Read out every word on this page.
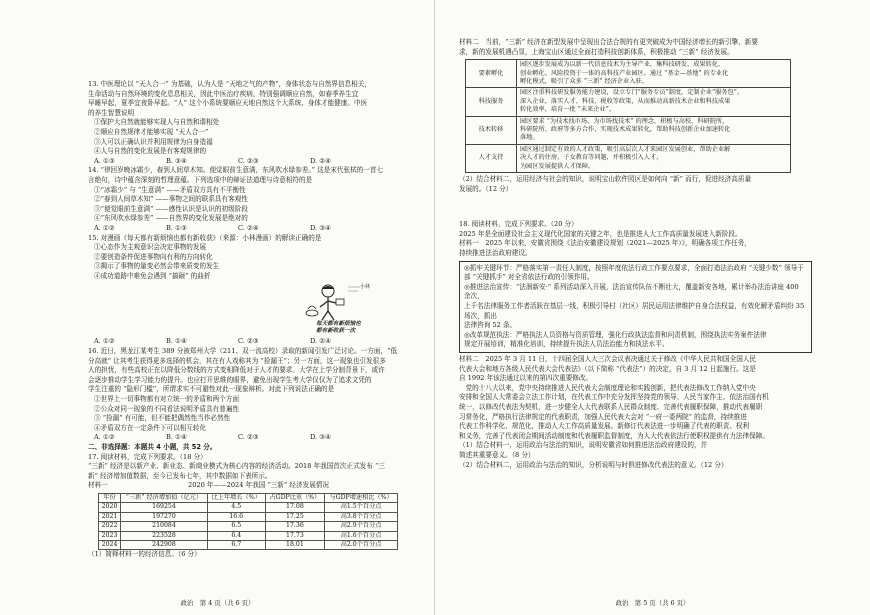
13. 中医理论以 “天人合一” 为基础，认为人是 “天地之气的产物”，身体状态与自然界信息相关，

生命活动与自然环境的变化息息相关，因此中医治疗疾病，特别强调顺应自然，如春季养生宜

早睡早起，夏季宜夜卧早起。“人” 这个小系统要顺应天地自然这个大系统、身体才能健康。中医

的养生智慧说明

①保护大自然就能够实现人与自然和谐相处

②顺应自然规律才能够实现 “天人合一”

③人可以正确认识并利用规律为自身造福

④人与自然的变化发展是有客观规律的

A. ①③	B. ③④	C. ②③	D. ②④

14. “律回岁晚冰霜少，春到人间草木知。便觉眼前生意满，东风吹水绿参差。” 这是宋代张栻的一首七

言绝句，诗中蕴含深刻的哲理意蕴。下列选项中的辩证法道理与诗意相符的是

①“冰霜少” 与 “生意满” ——矛盾双方具有不平衡性

②“春到人间草木知” ——事物之间的联系具有客观性

③“便觉眼前生意满” ——感性认识是认识的初级阶段

④“东风吹水绿参差” ——自然界的变化发展是绝对的

A. ①②	B. ①③	C. ②④	D. ③④

15. 对漫画《每天都有新烦恼也都有新收获》（来源：小林漫画）的解读正确的是

①心态作为主观意识会决定事物的发展

②要创造条件促进事物向有利的方向转化

③揭示了事物的量变必然会带来质变的发生

④成功道路中难免会遇到 “搞砸” 的曲折

小林

每天都有新烦恼也

都有新收获一次

A. ①②	B. ①④	C. ②③	D. ②④

16. 近日，黑龙江某考生 389 分被郑州大学（211、双一流高校）录取的新闻引发广泛讨论。一方面，“低

分高就” 让其考生获得更多选择的机会，其在有人戏称其为 “捡漏王”；另一方面，这一现象也引发很多

人的担忧，有些高校正在以降低分数线的方式变相降低对于人才的要求。大学在上学分制背景下，或许

会逐步推动学生学习能力的提升。也应打开思维的眼界，避免出现学生考大学仅仅为了追求文凭的

学生注重的 “隐形门槛”，所谓求实不可避性对此一现象辩析。对此下列说法正确的是

①世界上一切事物都有对立统一的矛盾和两个方面

②公众对同一现象的不同看法说明矛盾具有普遍性

③ “捡漏” 有可能，但不能把偶然性当作必然性

④矛盾双方在一定条件下可以相互转化

A. ①②	B. ①④	C. ②③	D. ③④

二、非选择题：本题共 4 小题，共 52 分。

17. 阅读材料，完成下列要求。（18 分）

“三新” 经济是以新产业、新业态、新商业模式为核心内容的经济活动。2018 年我国首次正式发布 “三

新” 经济增加值数据，至今已发布七年，其中数据如下表所示。

材料一	2020 年——2024 年我国 “三新” 经济发展情况
年份	“三新” 经济增加值（亿元）	比上年增长（%）	占GDP比重（%）	与GDP增速相比（%）
2020	169254	4.5	17.08	高1.5个百分点
2021	197270	16.6	17.25	高3.8个百分点
2022	210084	6.5	17.36	高2.9个百分点
2023	223528	6.4	17.73	高1.6个百分点
2024	242908	6.7	18.01	高2.0个百分点

（1）简释材料一的经济信息。（6 分）

政治　第 4 页（共 6 页）

材料二　当前，“三新” 经济在新型发展中呈现出合法合规的有更突破成为中国经济增长的新引擎，新要

求，新的发展机遇凸显，上海宝山区通过全面打造科技创新体系，积极推动 “三新” 经济发展。

要素孵化	园区逐步发展成为以新一代信息技术为主导产业，集科技研发、成果转化、

创业孵化、风险投资于一体的高科技产业园区。通过 “基金—基地” 的专业化

孵化模式，吸引了众多 “三新” 经济企业入驻。

科技服务	园区注重科技研发服务能力建设，设立专门“服务专员”制度，定制企业“服务包”。

深入企业，落实人才、科技、税收等政策，从而推动高新技术企业和科技成果

转化效率，培育一批 “未来企业”。

技术转移	园区要求 “为技术找市场、为市场找技术” 的理念，积极与高校、科研院所、

科研院所、政府等多方合作，实现技术成果转化，帮助科技创新企业加速转化

落地。

人才支持	园区通过制定有效的人才政策，吸引高层次人才来园区发展创业，帮助企业解

决人才的住房、子女教育等问题，并积极引入人才，

为园区发展提供人才保障。

（2）结合材料二，运用经济与社会的知识，说明宝山软件园区是如何向 “新” 而行，促进经济高质量

发展的。（12 分）

18. 阅读材料，完成下列要求。（20 分）

2025 年是全面建设社会主义现代化国家的关键之年，也是推进人大工作高质量发展进入新阶段。

材料一　2025 年以来，安徽省围绕《法治安徽建设规划（2021—2025 年）》，明确各项工作任务，

持续推进法治政府建设。

◎抓牢关键环节：严格落实第一责任人制度，按照年度依法行政工作要点要求，全面打造法治政府 “关键少数” 领导干部 “关键抓手” 对全省依法行政的引领作用。

◎推进法治宣传：“法润新安·” 系列活动深入开展，法治宣传队伍不断壮大，覆盖新安各地，累计举办法治讲座 400 余次，

上千名法律服务工作者活跃在基层一线，积极引导村（社区）居民运用法律维护自身合法权益，有效化解矛盾纠纷 35 场次，抓出

法律咨询 52 条。

◎改革规范执法：严格执法人员资格与资质管理，强化行政执法监督和问责机制，围绕执法实务案件法律

规定开展培训，精准化培训，持续提升执法人员法治能力和执法水平。

材料二　2025 年 3 月 11 日，十四届全国人大三次会议表决通过关于修改《中华人民共和国全国人民

代表大会和地方各级人民代表大会代表法》（以下简称 “代表法”）的决定，自 3 月 12 日起施行。这是

自 1992 年该法通过以来的第四次重要修改。

　党的十八大以来，党中央持续推进人民代表大会制度理论和实践创新，把代表法修改工作纳入党中央

安排和全国人大常委会立法工作计划，在代表工作中充分发挥坚持党的领导、人民当家作主、依法治国有机

统一，以修改代表法为契机，进一步健全人大代表联系人民群众制度、完善代表履职保障，推动代表履职

习常务化，严格执行法律规定的代表职责，加强人民代表大会对 “一府一委两院” 的监督，持续推进

代表工作科学化、规范化，推动人大工作高质量发展。新修订代表法进一步明确了代表的职责、权利

和义务，完善了代表闭会期间活动制度和代表履职监督制度，为人大代表依法行使职权提供有力法律保障。

（1）结合材料一，运用政治与法治的知识，说明安徽省如何推进法治政府建设的，并

简述其重要意义。（8 分）

（2）结合材料二，运用政治与法治的知识，分析说明与时俱进修改代表法的意义。（12 分）

政治　第 5 页（共 6 页）
